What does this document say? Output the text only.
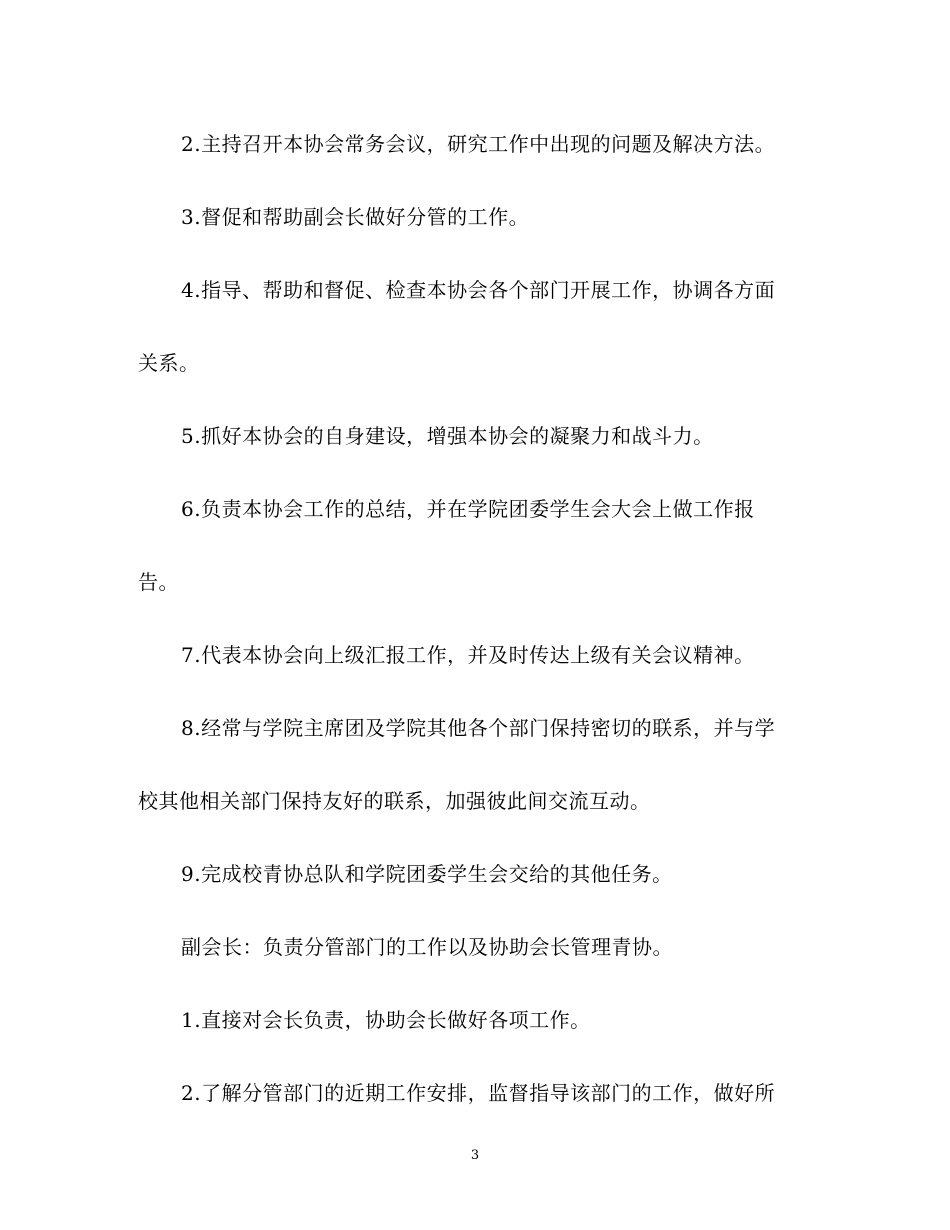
2.主持召开本协会常务会议，研究工作中出现的问题及解决方法。
3.督促和帮助副会长做好分管的工作。
4.指导、帮助和督促、检查本协会各个部门开展工作，协调各方面
关系。
5.抓好本协会的自身建设，增强本协会的凝聚力和战斗力。
6.负责本协会工作的总结，并在学院团委学生会大会上做工作报
告。
7.代表本协会向上级汇报工作，并及时传达上级有关会议精神。
8.经常与学院主席团及学院其他各个部门保持密切的联系，并与学
校其他相关部门保持友好的联系，加强彼此间交流互动。
9.完成校青协总队和学院团委学生会交给的其他任务。
副会长：负责分管部门的工作以及协助会长管理青协。
1.直接对会长负责，协助会长做好各项工作。
2.了解分管部门的近期工作安排，监督指导该部门的工作，做好所
3
